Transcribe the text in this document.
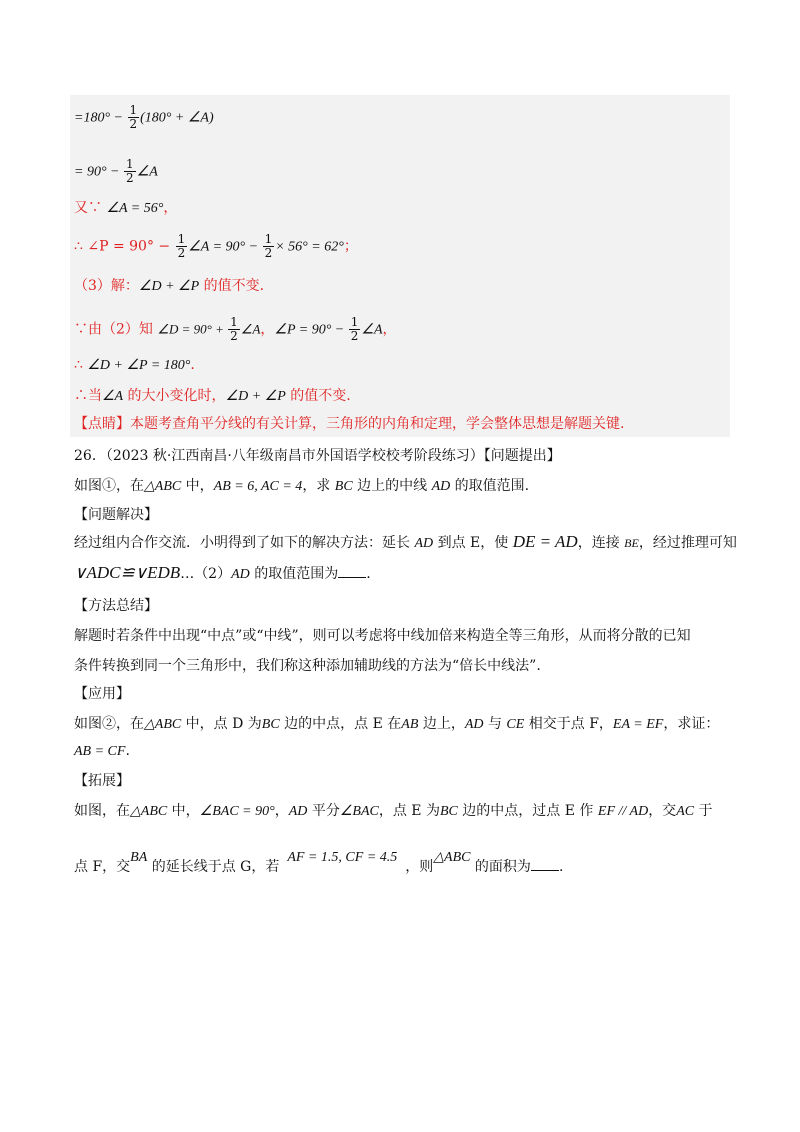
$=180^\circ - \frac{1}{2} (180^\circ$ + ∠A)
= $90^\circ - \frac{1}{2}$ ∠A
又∵ ∠A = 56°，
∴ ∠P = $90^\circ - \frac{1}{2}$ ∠A = $90^\circ - \frac{1}{2} \times 56^\circ = 62^\circ$；
（3）解：∠D + ∠P 的值不变.
∵由（2）知 ∠D = $90^\circ + \frac{1}{2}$ ∠A，∠P = $90^\circ - \frac{1}{2}$ ∠A，
∴ ∠D + ∠P = 180°.
∴当∠A 的大小变化时，∠D + ∠P 的值不变.
【点睛】本题考查角平分线的有关计算，三角形的内角和定理，学会整体思想是解题关键.
26．（2023 秋·江西南昌·八年级南昌市外国语学校校考阶段练习）【问题提出】
如图①，在△ABC 中，AB = 6, AC = 4，求 BC 边上的中线 AD 的取值范围.
【问题解决】
经过组内合作交流．小明得到了如下的解决方法：延长 AD 到点 E，使 DE = AD，连接 BE，经过推理可知
∨ADC≌∨EDB…（2）AD 的取值范围为 .
【方法总结】
解题时若条件中出现“中点”或“中线”，则可以考虑将中线加倍来构造全等三角形，从而将分散的已知
条件转换到同一个三角形中，我们称这种添加辅助线的方法为“倍长中线法”.
【应用】
如图②，在△ABC 中，点 D 为BC 边的中点，点 E 在AB 边上，AD 与 CE 相交于点 F，EA = EF，求证：
AB = CF.
【拓展】
如图，在△ABC 中，∠BAC = 90°，AD 平分∠BAC，点 E 为BC 边的中点，过点 E 作 EF // AD，交AC 于
点 F，交BA 的延长线于点 G，若AF = 1.5, CF = 4.5，则△ABC 的面积为 .
